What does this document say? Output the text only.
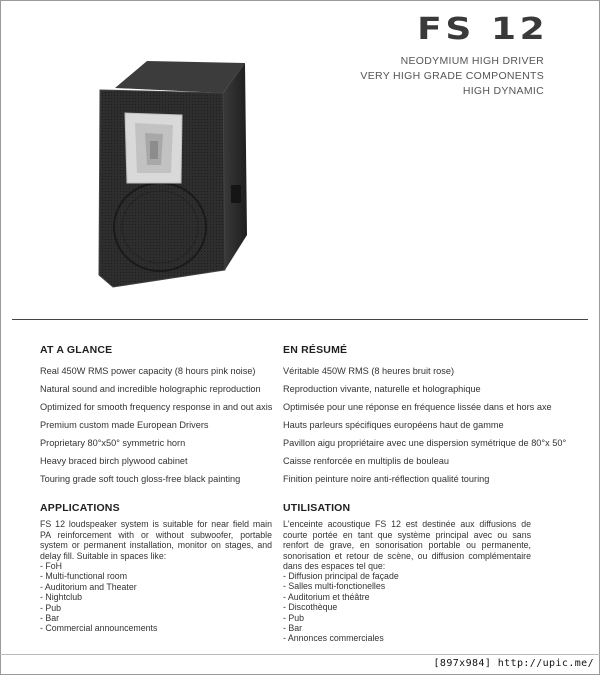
FS 12
NEODYMIUM HIGH DRIVER
VERY HIGH GRADE COMPONENTS
HIGH DYNAMIC
AT A GLANCE
Real 450W RMS power capacity (8 hours pink noise)
Natural sound and incredible holographic reproduction
Optimized for smooth frequency response in and out axis
Premium custom made European Drivers
Proprietary 80°x50° symmetric horn
Heavy braced birch plywood cabinet
Touring grade soft touch gloss-free black painting
EN RÉSUMÉ
Véritable 450W RMS (8 heures bruit rose)
Reproduction vivante, naturelle et holographique
Optimisée pour une réponse en fréquence lissée dans et hors axe
Hauts parleurs spécifiques européens haut de gamme
Pavillon aigu propriétaire avec une dispersion symétrique de 80°x 50°
Caisse renforcée en multiplis de bouleau
Finition peinture noire anti-réflection qualité touring
APPLICATIONS
FS 12 loudspeaker system is suitable for near field main PA reinforcement with or without subwoofer, portable system or permanent installation, monitor on stages, and delay fill. Suitable in spaces like:
- FoH
- Multi-functional room
- Auditorium and Theater
- Nightclub
- Pub
- Bar
- Commercial announcements
UTILISATION
L'enceinte acoustique FS 12 est destinée aux diffusions de courte portée en tant que système principal avec ou sans renfort de grave, en sonorisation portable ou permanente, sonorisation et retour de scène, ou diffusion complémentaire dans des espaces tel que:
- Diffusion principal de façade
- Salles multi-fonctionelles
- Auditorium et théâtre
- Discothèque
- Pub
- Bar
- Annonces commerciales
[897x984] http://upic.me/
